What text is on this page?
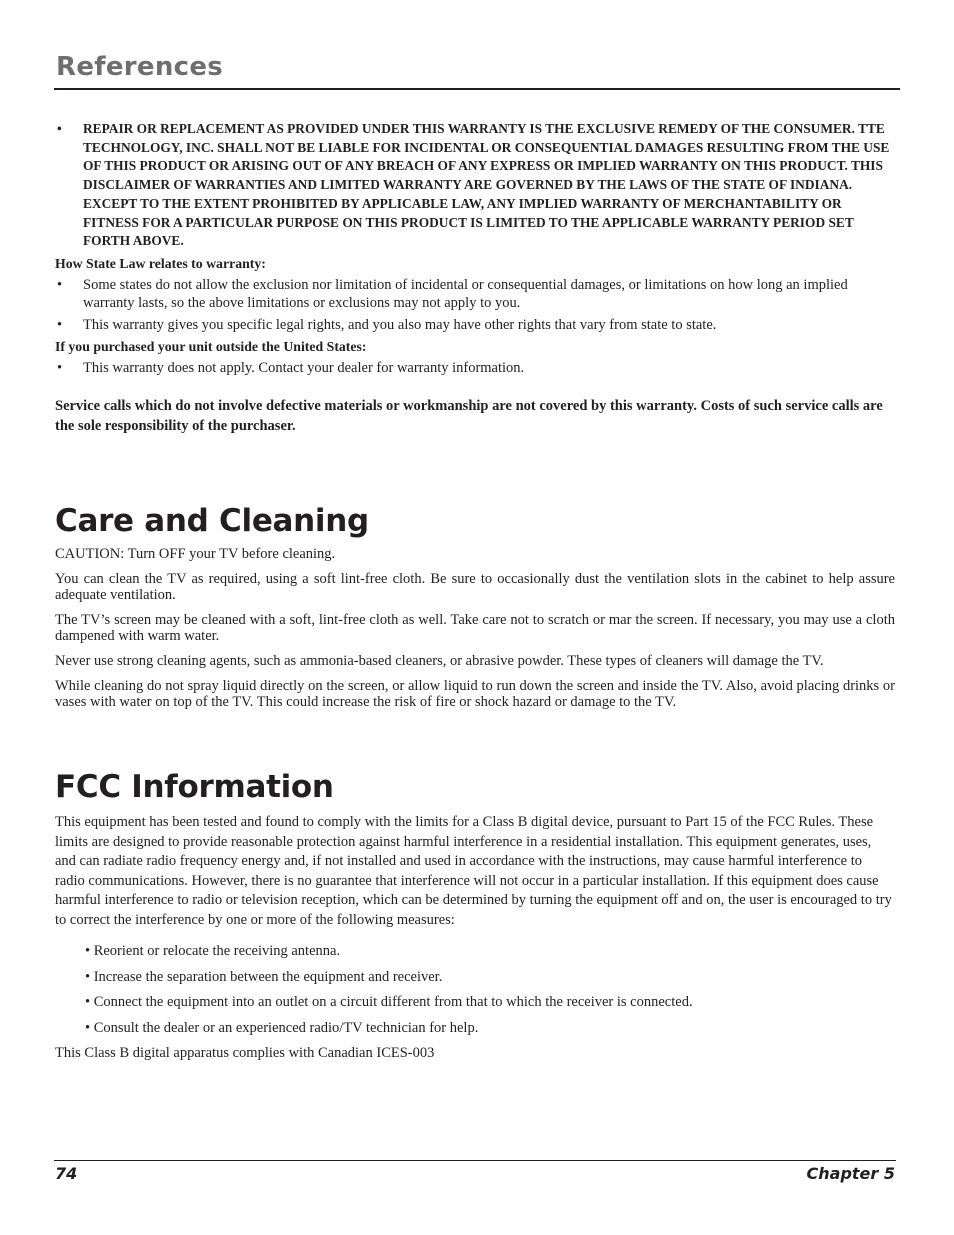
References
• REPAIR OR REPLACEMENT AS PROVIDED UNDER THIS WARRANTY IS THE EXCLUSIVE REMEDY OF THE CONSUMER. TTE TECHNOLOGY, INC. SHALL NOT BE LIABLE FOR INCIDENTAL OR CONSEQUENTIAL DAMAGES RESULTING FROM THE USE OF THIS PRODUCT OR ARISING OUT OF ANY BREACH OF ANY EXPRESS OR IMPLIED WARRANTY ON THIS PRODUCT. THIS DISCLAIMER OF WARRANTIES AND LIMITED WARRANTY ARE GOVERNED BY THE LAWS OF THE STATE OF INDIANA. EXCEPT TO THE EXTENT PROHIBITED BY APPLICABLE LAW, ANY IMPLIED WARRANTY OF MERCHANTABILITY OR FITNESS FOR A PARTICULAR PURPOSE ON THIS PRODUCT IS LIMITED TO THE APPLICABLE WARRANTY PERIOD SET FORTH ABOVE.
How State Law relates to warranty:
• Some states do not allow the exclusion nor limitation of incidental or consequential damages, or limitations on how long an implied warranty lasts, so the above limitations or exclusions may not apply to you.
• This warranty gives you specific legal rights, and you also may have other rights that vary from state to state.
If you purchased your unit outside the United States:
• This warranty does not apply. Contact your dealer for warranty information.
Service calls which do not involve defective materials or workmanship are not covered by this warranty. Costs of such service calls are the sole responsibility of the purchaser.
Care and Cleaning

CAUTION: Turn OFF your TV before cleaning.

You can clean the TV as required, using a soft lint-free cloth. Be sure to occasionally dust the ventilation slots in the cabinet to help assure adequate ventilation.

The TV’s screen may be cleaned with a soft, lint-free cloth as well. Take care not to scratch or mar the screen. If necessary, you may use a cloth dampened with warm water.

Never use strong cleaning agents, such as ammonia-based cleaners, or abrasive powder. These types of cleaners will damage the TV.

While cleaning do not spray liquid directly on the screen, or allow liquid to run down the screen and inside the TV. Also, avoid placing drinks or vases with water on top of the TV. This could increase the risk of fire or shock hazard or damage to the TV.

FCC Information

This equipment has been tested and found to comply with the limits for a Class B digital device, pursuant to Part 15 of the FCC Rules. These limits are designed to provide reasonable protection against harmful interference in a residential installation. This equipment generates, uses, and can radiate radio frequency energy and, if not installed and used in accordance with the instructions, may cause harmful interference to radio communications. However, there is no guarantee that interference will not occur in a particular installation. If this equipment does cause harmful interference to radio or television reception, which can be determined by turning the equipment off and on, the user is encouraged to try to correct the interference by one or more of the following measures:

• Reorient or relocate the receiving antenna.
• Increase the separation between the equipment and receiver.
• Connect the equipment into an outlet on a circuit different from that to which the receiver is connected.
• Consult the dealer or an experienced radio/TV technician for help.

This Class B digital apparatus complies with Canadian ICES-003

74	Chapter 5
